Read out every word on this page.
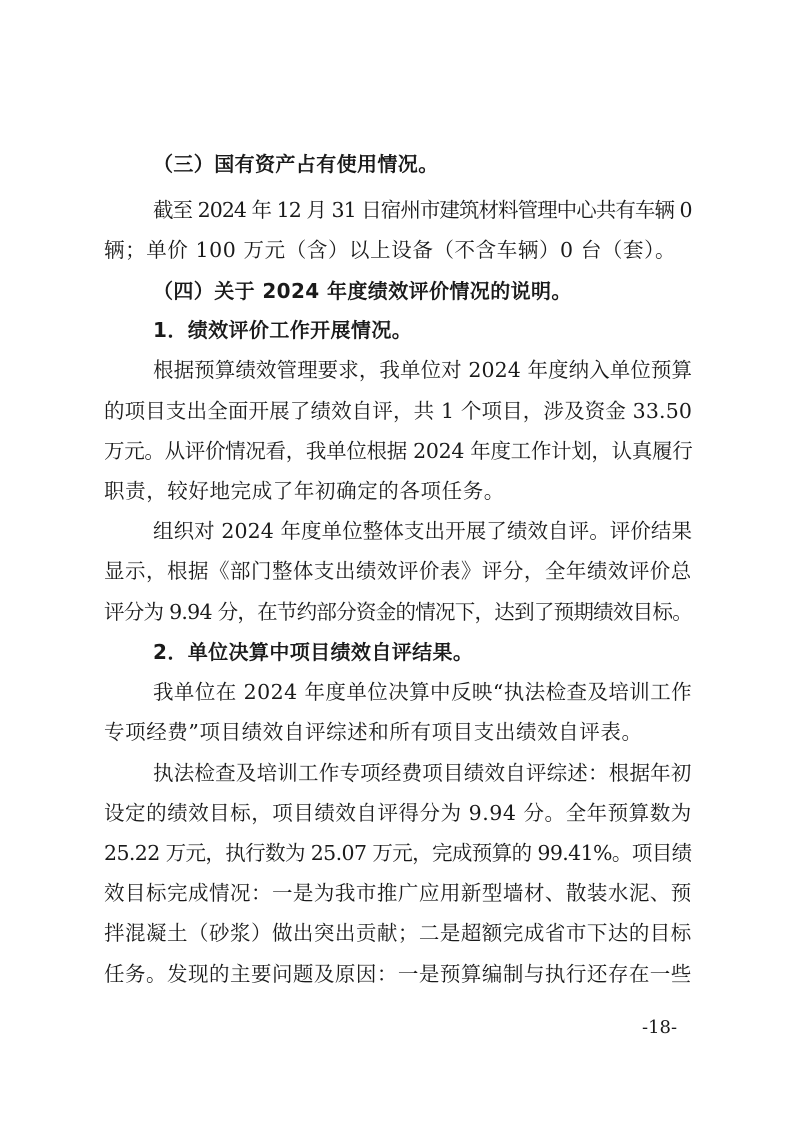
（三）国有资产占有使用情况。
截至 2024 年 12 月 31 日宿州市建筑材料管理中心共有车辆 0
辆；单价 100 万元（含）以上设备（不含车辆）0 台（套）。
（四）关于 2024 年度绩效评价情况的说明。
1．绩效评价工作开展情况。
根据预算绩效管理要求，我单位对 2024 年度纳入单位预算
的项目支出全面开展了绩效自评，共 1 个项目，涉及资金 33.50
万元。从评价情况看，我单位根据 2024 年度工作计划，认真履行
职责，较好地完成了年初确定的各项任务。
组织对 2024 年度单位整体支出开展了绩效自评。评价结果
显示，根据《部门整体支出绩效评价表》评分，全年绩效评价总
评分为 9.94 分，在节约部分资金的情况下，达到了预期绩效目标。
2．单位决算中项目绩效自评结果。
我单位在 2024 年度单位决算中反映“执法检查及培训工作
专项经费”项目绩效自评综述和所有项目支出绩效自评表。
执法检查及培训工作专项经费项目绩效自评综述：根据年初
设定的绩效目标，项目绩效自评得分为 9.94 分。全年预算数为
25.22 万元，执行数为 25.07 万元，完成预算的 99.41%。项目绩
效目标完成情况：一是为我市推广应用新型墙材、散装水泥、预
拌混凝土（砂浆）做出突出贡献；二是超额完成省市下达的目标
任务。发现的主要问题及原因：一是预算编制与执行还存在一些
-18-
